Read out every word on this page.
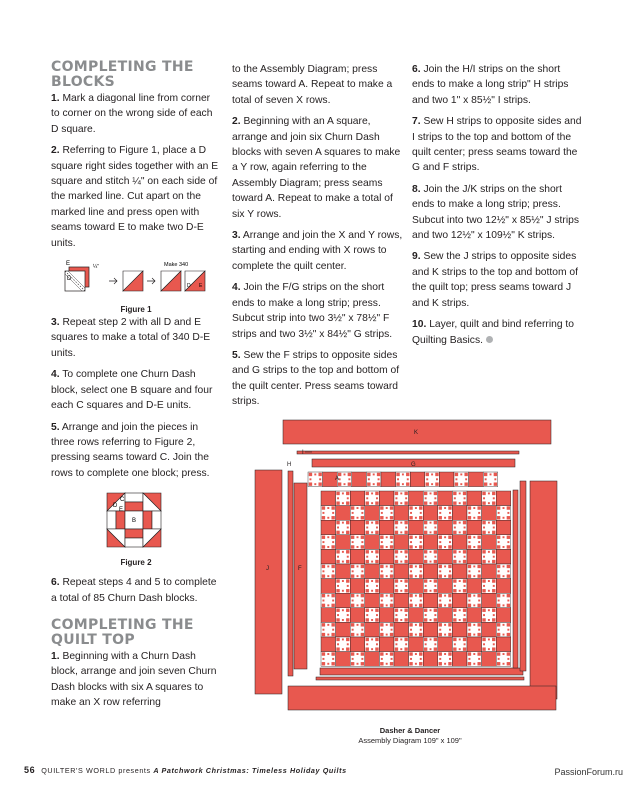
COMPLETING THE
BLOCKS

1. Mark a diagonal line from corner to corner on the wrong side of each D square.

2. Referring to Figure 1, place a D square right sides together with an E square and stitch ¼" on each side of the marked line. Cut apart on the marked line and press open with seams toward E to make two D-E units.

E
D
¼"	Make 340
D E
Figure 1

3. Repeat step 2 with all D and E squares to make a total of 340 D-E units.

4. To complete one Churn Dash block, select one B square and four each C squares and D-E units.

5. Arrange and join the pieces in three rows referring to Figure 2, pressing seams toward C. Join the rows to complete one block; press.

C
D
E
B
Figure 2

6. Repeat steps 4 and 5 to complete a total of 85 Churn Dash blocks.

COMPLETING THE
QUILT TOP

1. Beginning with a Churn Dash block, arrange and join seven Churn Dash blocks with six A squares to make an X row referring

to the Assembly Diagram; press seams toward A. Repeat to make a total of seven X rows.

2. Beginning with an A square, arrange and join six Churn Dash blocks with seven A squares to make a Y row, again referring to the Assembly Diagram; press seams toward A. Repeat to make a total of six Y rows.

3. Arrange and join the X and Y rows, starting and ending with X rows to complete the quilt center.

4. Join the F/G strips on the short ends to make a long strip; press. Subcut strip into two 3½" x 78½" F strips and two 3½" x 84½" G strips.

5. Sew the F strips to opposite sides and G strips to the top and bottom of the quilt center. Press seams toward strips.

6. Join the H/I strips on the short ends to make a long strip" H strips and two 1" x 85½" I strips.

7. Sew H strips to opposite sides and I strips to the top and bottom of the quilt center; press seams toward the G and F strips.

8. Join the J/K strips on the short ends to make a long strip; press. Subcut into two 12½" x 85½" J strips and two 12½" x 109½" K strips.

9. Sew the J strips to opposite sides and K strips to the top and bottom of the quilt top; press seams toward J and K strips.

10. Layer, quilt and bind referring to Quilting Basics.

K
I
H	G
A
J	F
Dasher & Dancer
Assembly Diagram 109" x 109"
56 QUILTER'S WORLD presents A Patchwork Christmas: Timeless Holiday Quilts	PassionForum.ru
